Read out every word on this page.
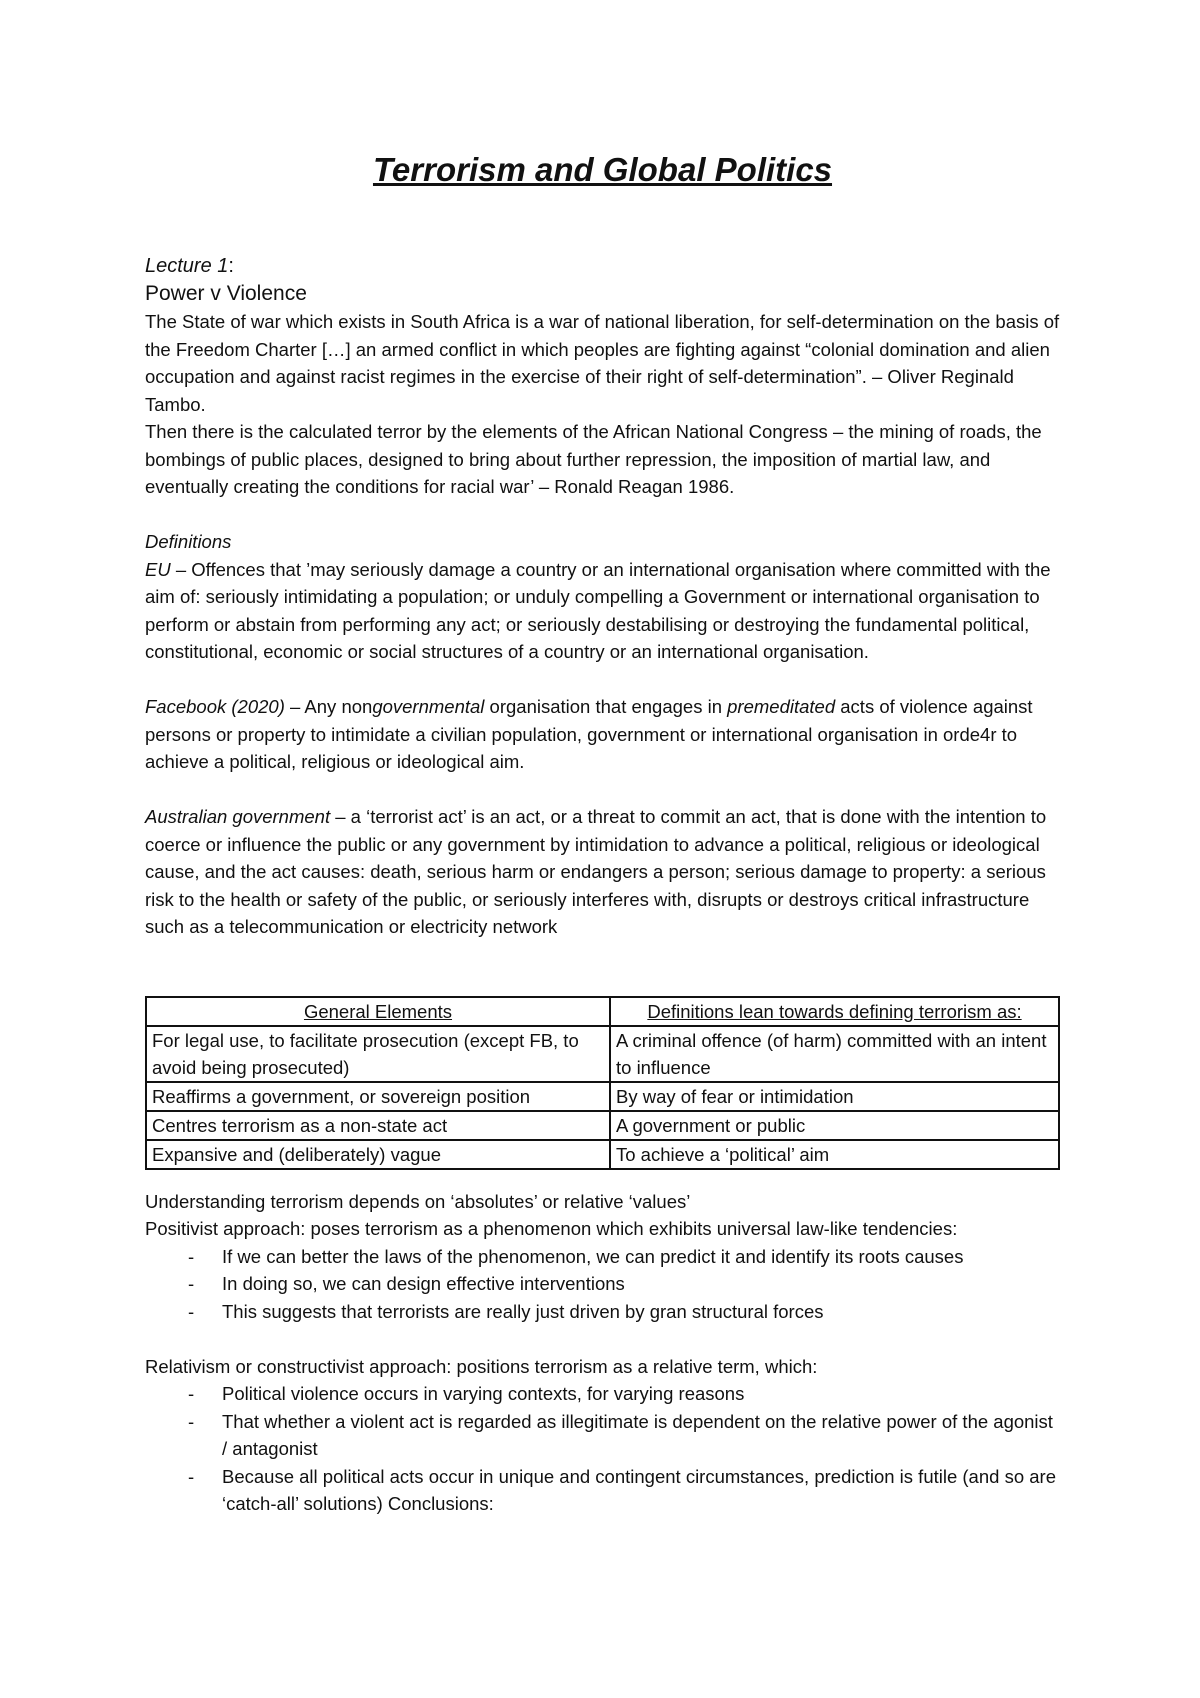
Terrorism and Global Politics
Lecture 1:
Power v Violence

The State of war which exists in South Africa is a war of national liberation, for self-determination on the basis of the Freedom Charter […] an armed conflict in which peoples are fighting against “colonial domination and alien occupation and against racist regimes in the exercise of their right of self-determination”. – Oliver Reginald Tambo.

Then there is the calculated terror by the elements of the African National Congress – the mining of roads, the bombings of public places, designed to bring about further repression, the imposition of martial law, and eventually creating the conditions for racial war’ – Ronald Reagan 1986.

Definitions

EU – Offences that ’may seriously damage a country or an international organisation where committed with the aim of: seriously intimidating a population; or unduly compelling a Government or international organisation to perform or abstain from performing any act; or seriously destabilising or destroying the fundamental political, constitutional, economic or social structures of a country or an international organisation.

Facebook (2020) – Any nongovernmental organisation that engages in premeditated acts of violence against persons or property to intimidate a civilian population, government or international organisation in orde4r to achieve a political, religious or ideological aim.

Australian government – a ‘terrorist act’ is an act, or a threat to commit an act, that is done with the intention to coerce or influence the public or any government by intimidation to advance a political, religious or ideological cause, and the act causes: death, serious harm or endangers a person; serious damage to property: a serious risk to the health or safety of the public, or seriously interferes with, disrupts or destroys critical infrastructure such as a telecommunication or electricity network

General Elements	Definitions lean towards defining terrorism as:
For legal use, to facilitate prosecution (except FB, to avoid being prosecuted)	A criminal offence (of harm) committed with an intent to influence
Reaffirms a government, or sovereign position	By way of fear or intimidation
Centres terrorism as a non-state act	A government or public
Expansive and (deliberately) vague	To achieve a ‘political’ aim

Understanding terrorism depends on ‘absolutes’ or relative ‘values’

Positivist approach: poses terrorism as a phenomenon which exhibits universal law-like tendencies:

- If we can better the laws of the phenomenon, we can predict it and identify its roots causes
- In doing so, we can design effective interventions
- This suggests that terrorists are really just driven by gran structural forces

Relativism or constructivist approach: positions terrorism as a relative term, which:

- Political violence occurs in varying contexts, for varying reasons
- That whether a violent act is regarded as illegitimate is dependent on the relative power of the agonist / antagonist
- Because all political acts occur in unique and contingent circumstances, prediction is futile (and so are ‘catch-all’ solutions) Conclusions:
